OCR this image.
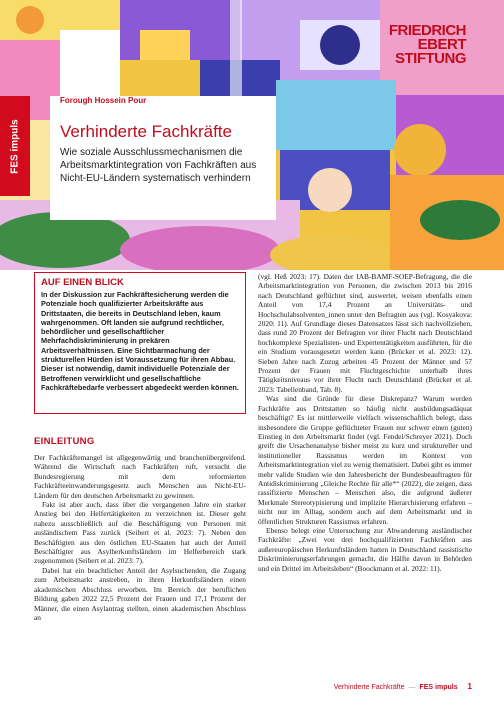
FRIEDRICH
EBERT
STIFTUNG
FES impuls

Forough Hossein Pour

Verhinderte Fachkräfte

Wie soziale Ausschlussmechanismen die Arbeitsmarktintegration von Fachkräften aus Nicht-EU-Ländern systematisch verhindern

AUF EINEN BLICK

In der Diskussion zur Fachkräftesicherung werden die Potenziale hoch qualifizierter Arbeitskräfte aus Drittstaaten, die bereits in Deutschland leben, kaum wahrgenommen. Oft landen sie aufgrund rechtlicher, behördlicher und gesellschaftlicher Mehrfachdiskriminierung in prekären Arbeitsverhältnissen. Eine Sichtbarmachung der strukturellen Hürden ist Voraussetzung für ihren Abbau. Dieser ist notwendig, damit individuelle Potenziale der Betroffenen verwirklicht und gesellschaftliche Fachkräftebedarfe verbessert abgedeckt werden können.

EINLEITUNG

Der Fachkräftemangel ist allgegenwärtig und branchenübergreifend. Während die Wirtschaft nach Fachkräften ruft, versucht die Bundesregierung mit dem reformierten Fachkräfteeinwanderungsgesetz auch Menschen aus Nicht-EU-Ländern für den deutschen Arbeitsmarkt zu gewinnen.

Fakt ist aber auch, dass über die vergangenen Jahre ein starker Anstieg bei den Helfertätigkeiten zu verzeichnen ist. Dieser geht nahezu ausschließlich auf die Beschäftigung von Personen mit ausländischem Pass zurück (Seibert et al. 2023: 7). Neben den Beschäftigten aus den östlichen EU-Staaten hat auch der Anteil Beschäftigter aus Asylherkunftsländern im Helferbereich stark zugenommen (Seibert et al. 2023: 7).

Dabei hat ein beachtlicher Anteil der Asylsuchenden, die Zugang zum Arbeitsmarkt anstreben, in ihren Herkunftsländern einen akademischen Abschluss erworben. Im Bereich der beruflichen Bildung gaben 2022 22,5 Prozent der Frauen und 17,1 Prozent der Männer, die einen Asylantrag stellten, einen akademischen Abschluss an

(vgl. Heß 2023: 17). Daten der IAB-BAMF-SOEP-Befragung, die die Arbeitsmarktintegration von Personen, die zwischen 2013 bis 2016 nach Deutschland geflüchtet sind, auswertet, weisen ebenfalls einen Anteil von 17,4 Prozent an Universitäts- und Hochschulabsolventen_innen unter den Befragten aus (vgl. Kosyakova: 2020: 11). Auf Grundlage dieses Datensatzes lässt sich nachvollziehen, dass rund 20 Prozent der Befragten vor ihrer Flucht nach Deutschland hochkomplexe Spezialisten- und Expertentätigkeiten ausführten, für die ein Studium vorausgesetzt werden kann (Brücker et al. 2023: 12). Sieben Jahre nach Zuzug arbeiten 45 Prozent der Männer und 57 Prozent der Frauen mit Fluchtgeschichte unterhalb ihres Tätigkeitsniveaus vor ihrer Flucht nach Deutschland (Brücker et al. 2023: Tabellenband, Tab. 8).

Was sind die Gründe für diese Diskrepanz? Warum werden Fachkräfte aus Drittstatten so häufig nicht ausbildungsadäquat beschäftigt? Es ist mittlerweile vielfach wissenschaftlich belegt, dass insbesondere die Gruppe geflüchteter Frauen nur schwer einen (guten) Einstieg in den Arbeitsmarkt findet (vgl. Fendel/Schreyer 2021). Doch greift die Ursachenanalyse bisher meist zu kurz und struktureller und institutioneller Rassismus werden im Kontext von Arbeitsmarktintegration viel zu wenig thematisiert. Dabei gibt es immer mehr valide Studien wie den Jahresbericht der Bundesbeauftragten für Antidiskriminierung „Gleiche Rechte für alle*“ (2022), die zeigen, dass rassifizierte Menschen – Menschen also, die aufgrund äußerer Merkmale Stereotypisierung und implizite Hierarchisierung erfahren – nicht nur im Alltag, sondern auch auf dem Arbeitsmarkt und in öffentlichen Strukturen Rassismus erfahren.

Ebenso belegt eine Untersuchung zur Abwanderung ausländischer Fachkräfte: „Zwei von drei hochqualifizierten Fachkräften aus außereuropäischen Herkunftsländern hatten in Deutschland rassistische Diskriminierungserfahrungen gemacht, die Hälfte davon in Behörden und ein Drittel im Arbeitsleben“ (Boockmann et al. 2022: 11).

Verhinderte Fachkräfte — FES impuls 1
